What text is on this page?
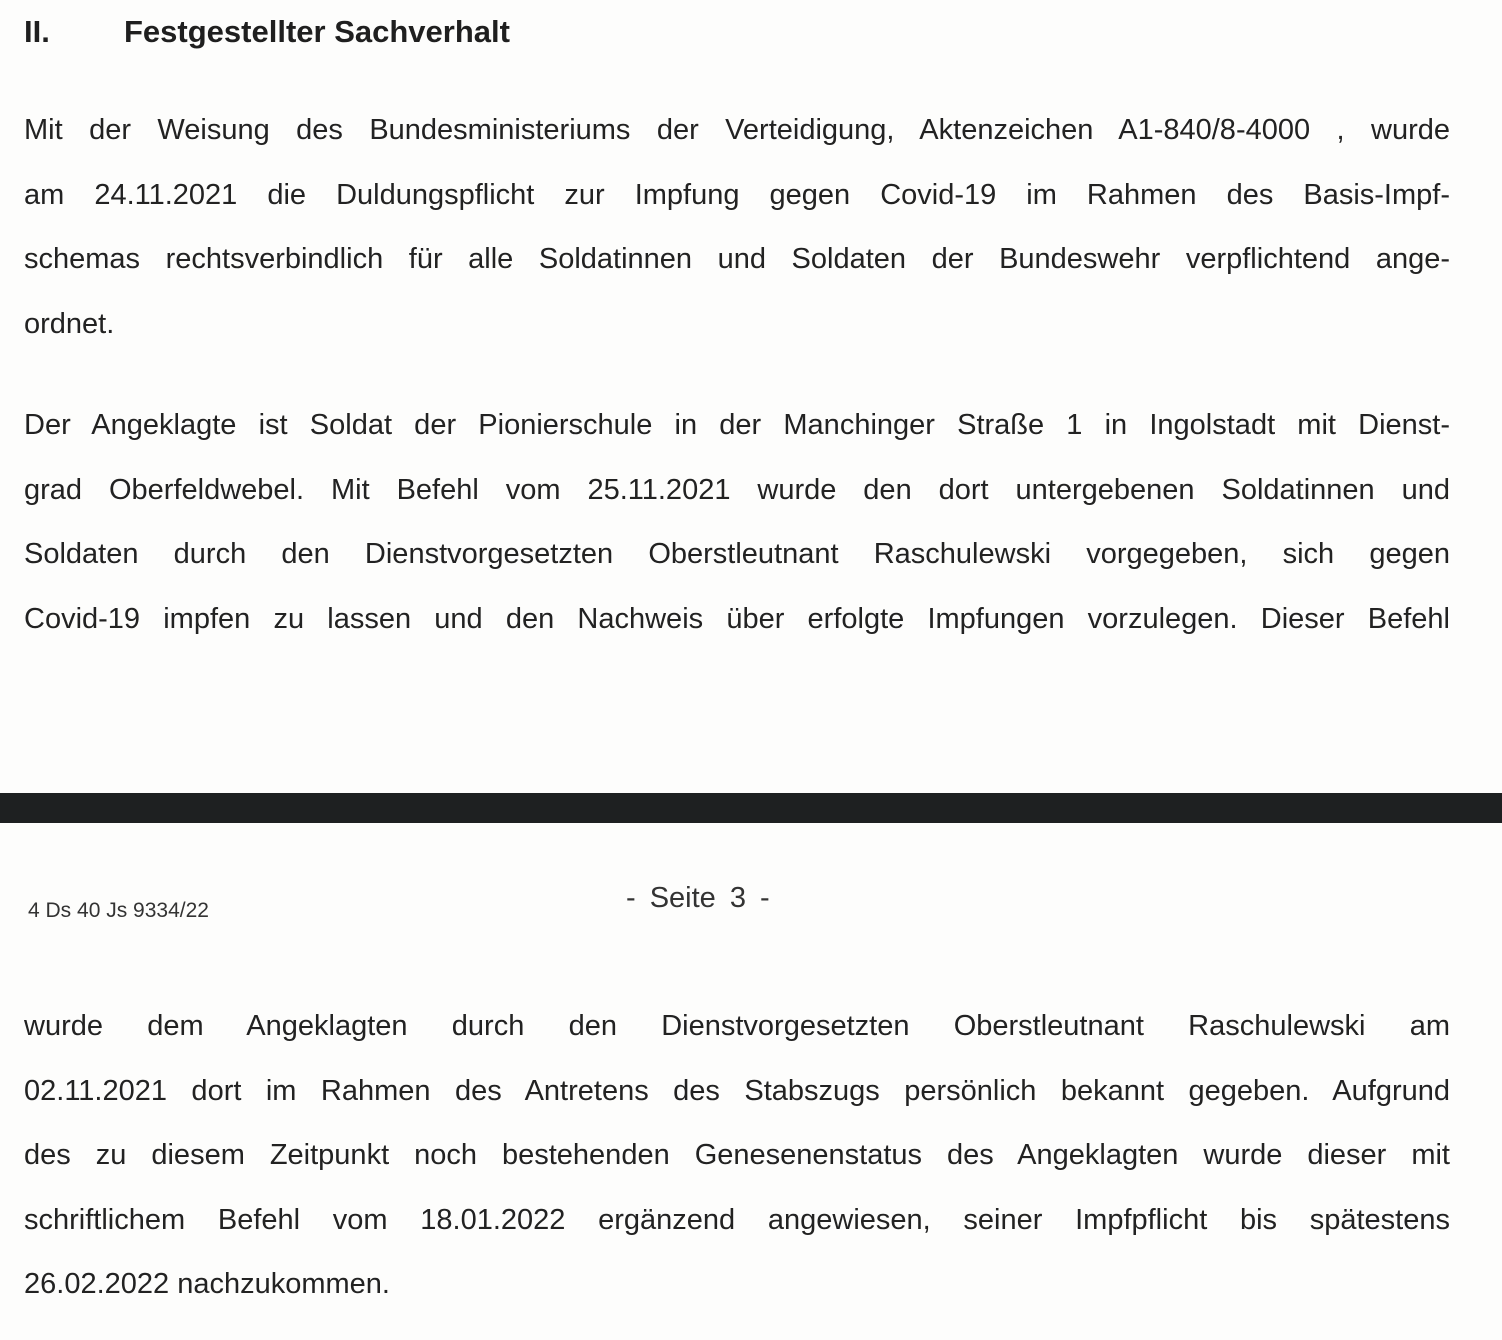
II. Festgestellter Sachverhalt

Mit der Weisung des Bundesministeriums der Verteidigung, Aktenzeichen A1-840/8-4000 , wurde
am 24.11.2021 die Duldungspflicht zur Impfung gegen Covid-19 im Rahmen des Basis-Impf-
schemas rechtsverbindlich für alle Soldatinnen und Soldaten der Bundeswehr verpflichtend ange-
ordnet.

Der Angeklagte ist Soldat der Pionierschule in der Manchinger Straße 1 in Ingolstadt mit Dienst-
grad Oberfeldwebel. Mit Befehl vom 25.11.2021 wurde den dort untergebenen Soldatinnen und
Soldaten durch den Dienstvorgesetzten Oberstleutnant Raschulewski vorgegeben, sich gegen
Covid-19 impfen zu lassen und den Nachweis über erfolgte Impfungen vorzulegen. Dieser Befehl

4 Ds 40 Js 9334/22	- Seite 3 -

wurde dem Angeklagten durch den Dienstvorgesetzten Oberstleutnant Raschulewski am
02.11.2021 dort im Rahmen des Antretens des Stabszugs persönlich bekannt gegeben. Aufgrund
des zu diesem Zeitpunkt noch bestehenden Genesenenstatus des Angeklagten wurde dieser mit
schriftlichem Befehl vom 18.01.2022 ergänzend angewiesen, seiner Impfpflicht bis spätestens
26.02.2022 nachzukommen.
